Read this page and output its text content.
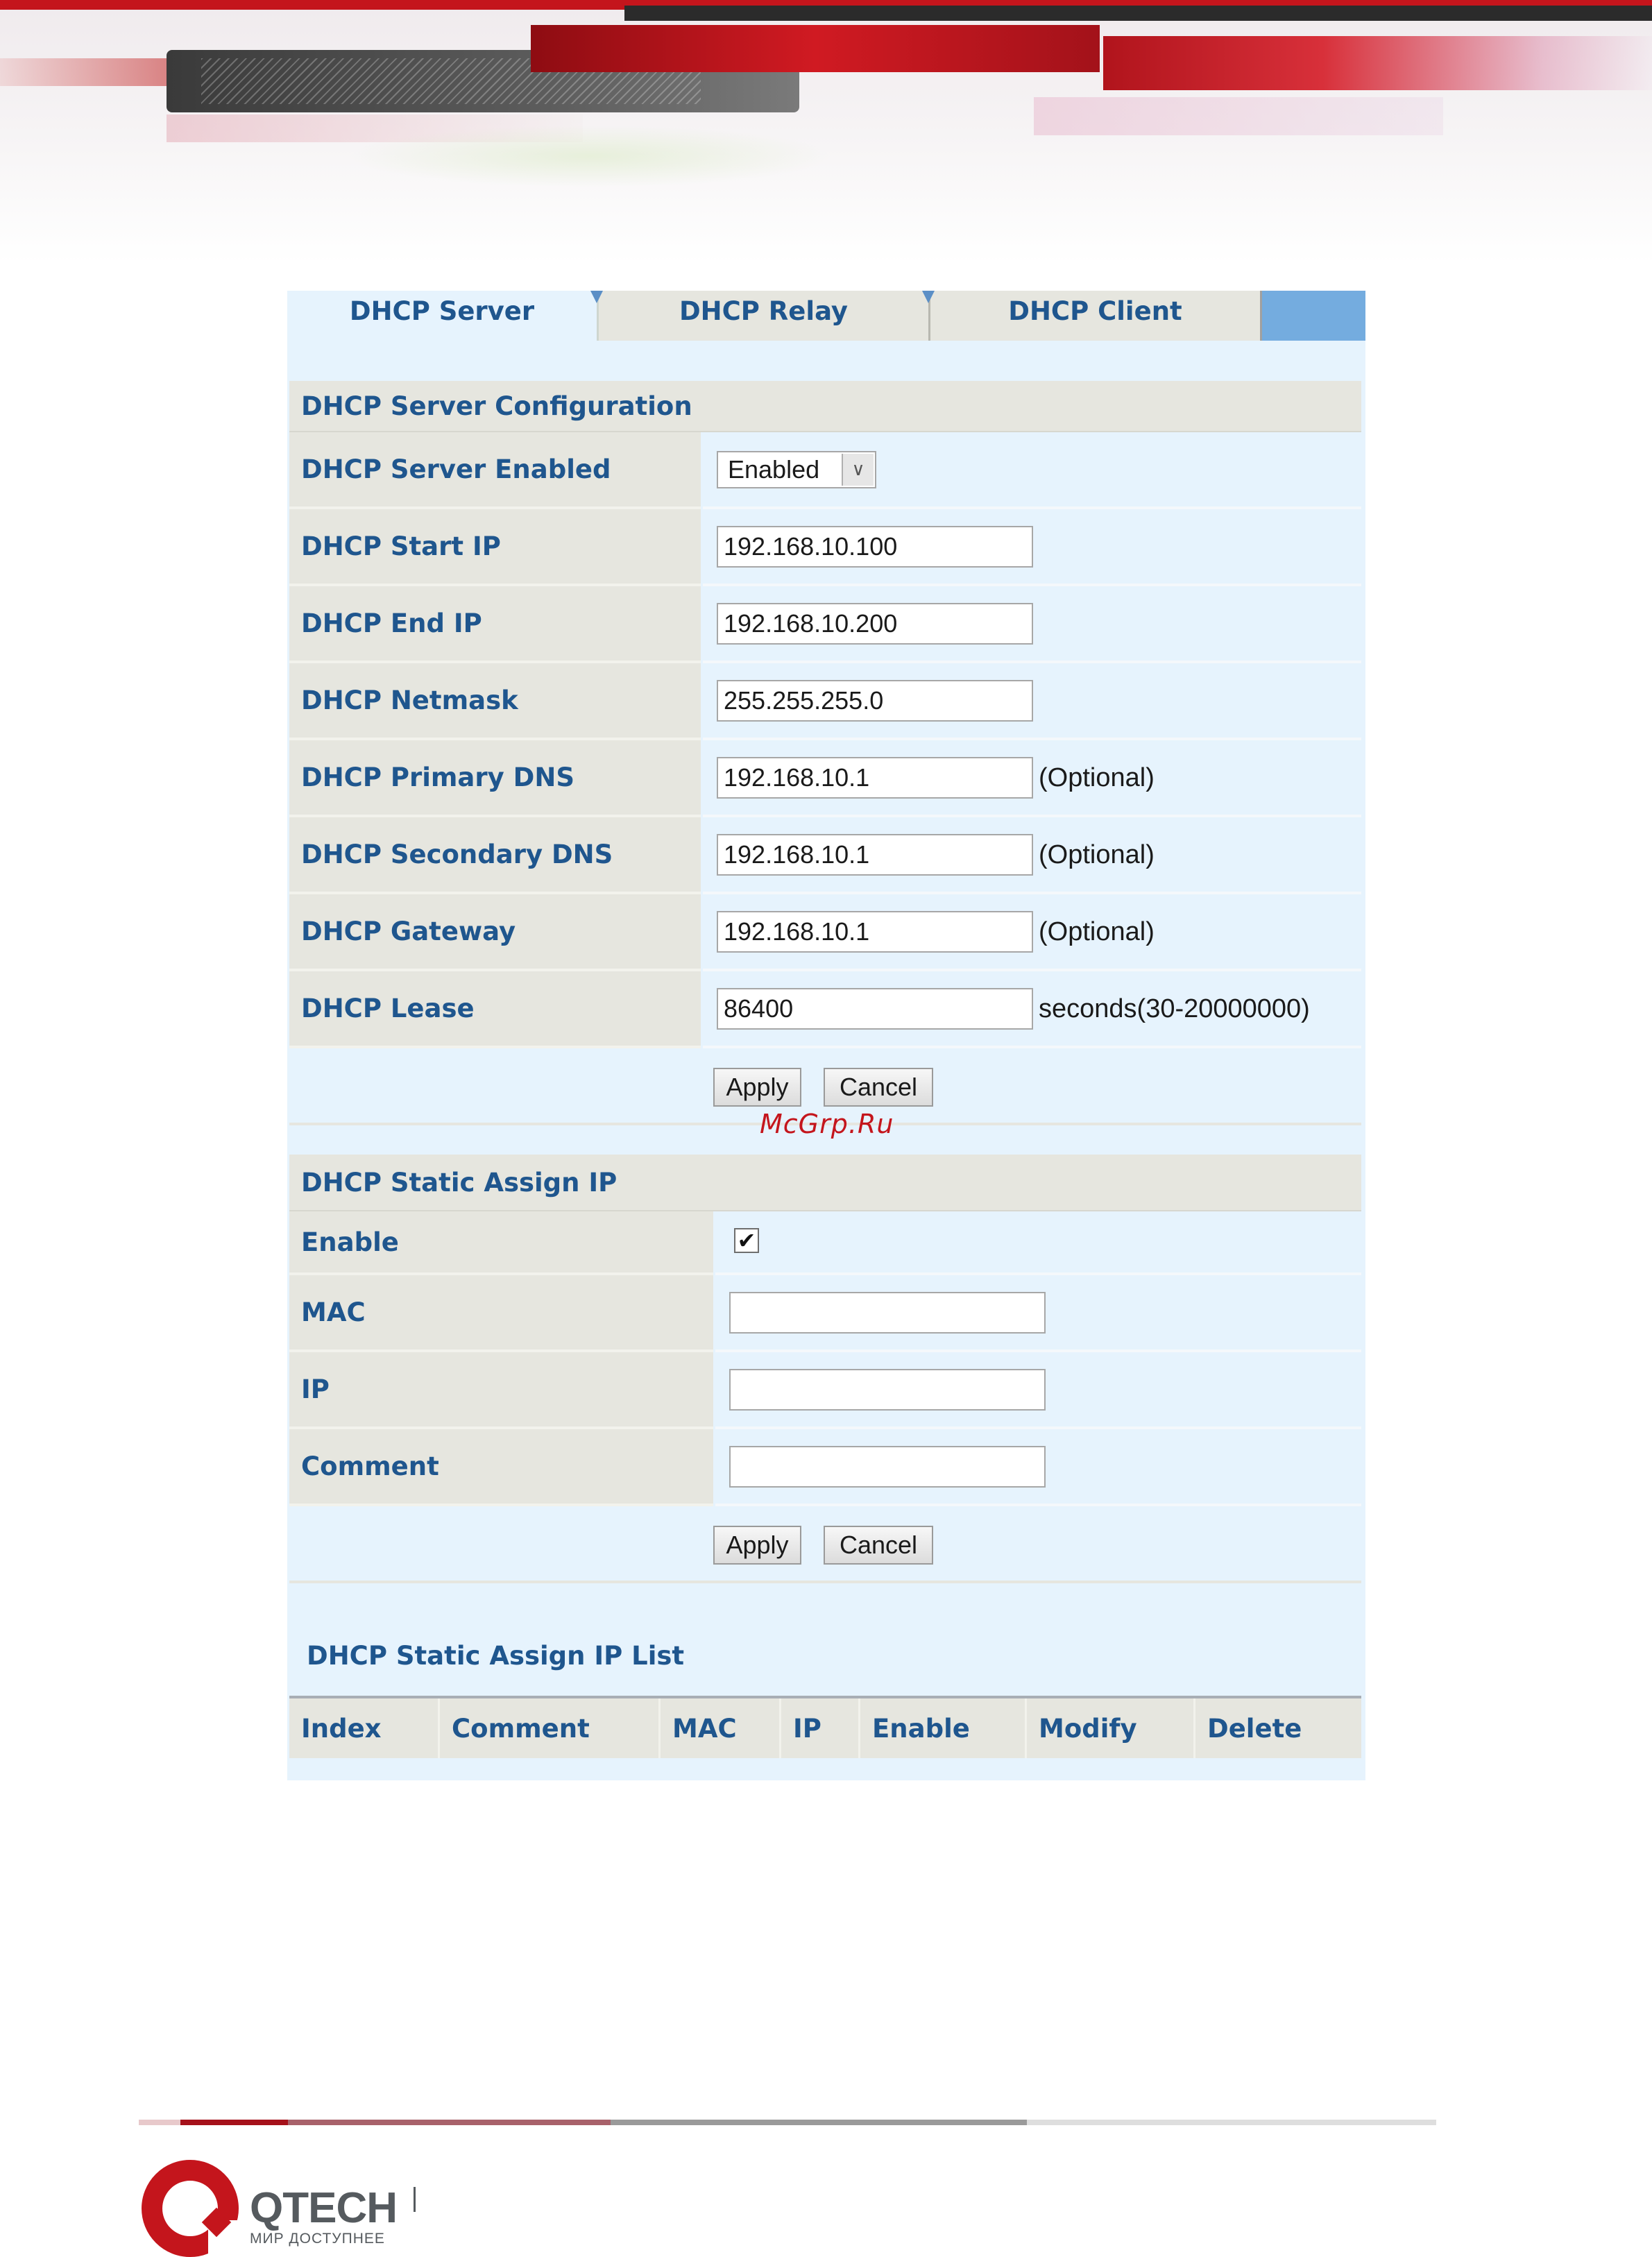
DHCP Server	DHCP Relay	DHCP Client
DHCP Server Configuration
DHCP Server Enabled	Enabled	∨
DHCP Start IP	192.168.10.100
DHCP End IP	192.168.10.200
DHCP Netmask	255.255.255.0
DHCP Primary DNS	192.168.10.1	(Optional)
DHCP Secondary DNS	192.168.10.1	(Optional)
DHCP Gateway	192.168.10.1	(Optional)
DHCP Lease	86400	seconds(30-20000000)
Apply	Cancel
DHCP Static Assign IP
Enable	✔
MAC
IP
Comment
Apply	Cancel
DHCP Static Assign IP List
Index	Comment	MAC	IP	Enable	Modify	Delete
McGrp.Ru
QTECH
МИР ДОСТУПНЕЕ
